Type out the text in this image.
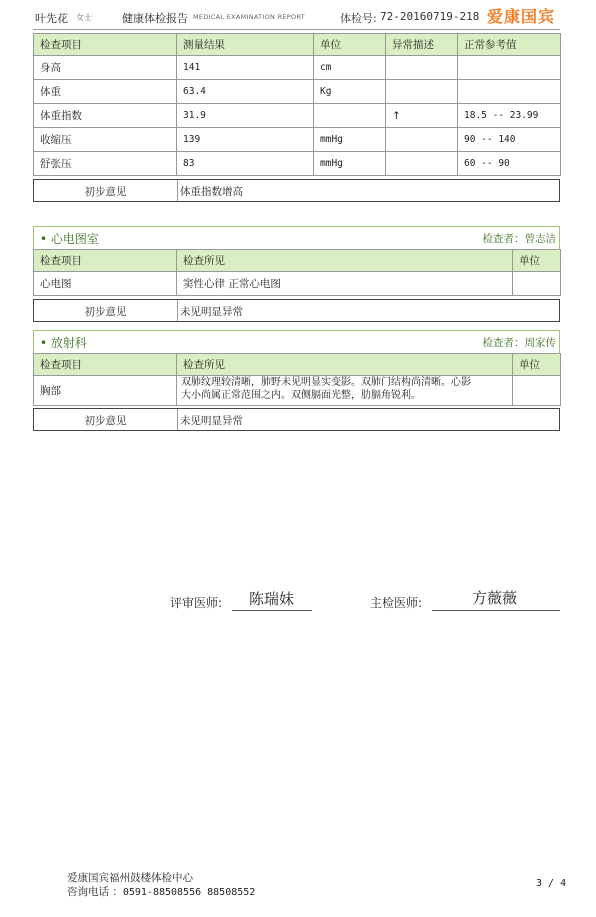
叶先花 女士	健康体检报告 MEDICAL EXAMINATION REPORT	体检号: 72-20160719-218 爱康国宾
检查项目	测量结果	单位	异常描述	正常参考值
身高	141	cm		
体重	63.4	Kg		
体重指数	31.9		↑	18.5 -- 23.99
收缩压	139	mmHg		90 -- 140
舒张压	83	mmHg		60 -- 90
初步意见	体重指数增高
• 心电图室	检查者：曾志洁
检查项目	检查所见	单位
心电图	窦性心律 正常心电图	
初步意见	未见明显异常
• 放射科	检查者：周家传
检查项目	检查所见	单位
胸部	双肺纹理较清晰，肺野未见明显实变影。双肺门结构尚清晰。心影
大小尚属正常范围之内。双侧膈面光整，肋膈角锐利。	

初步意见	未见明显异常
评审医师: 陈瑞妹	主检医师:	方薇薇
爱康国宾福州鼓楼体检中心
咨询电话 ：0591-88508556 88508552
3 / 4
